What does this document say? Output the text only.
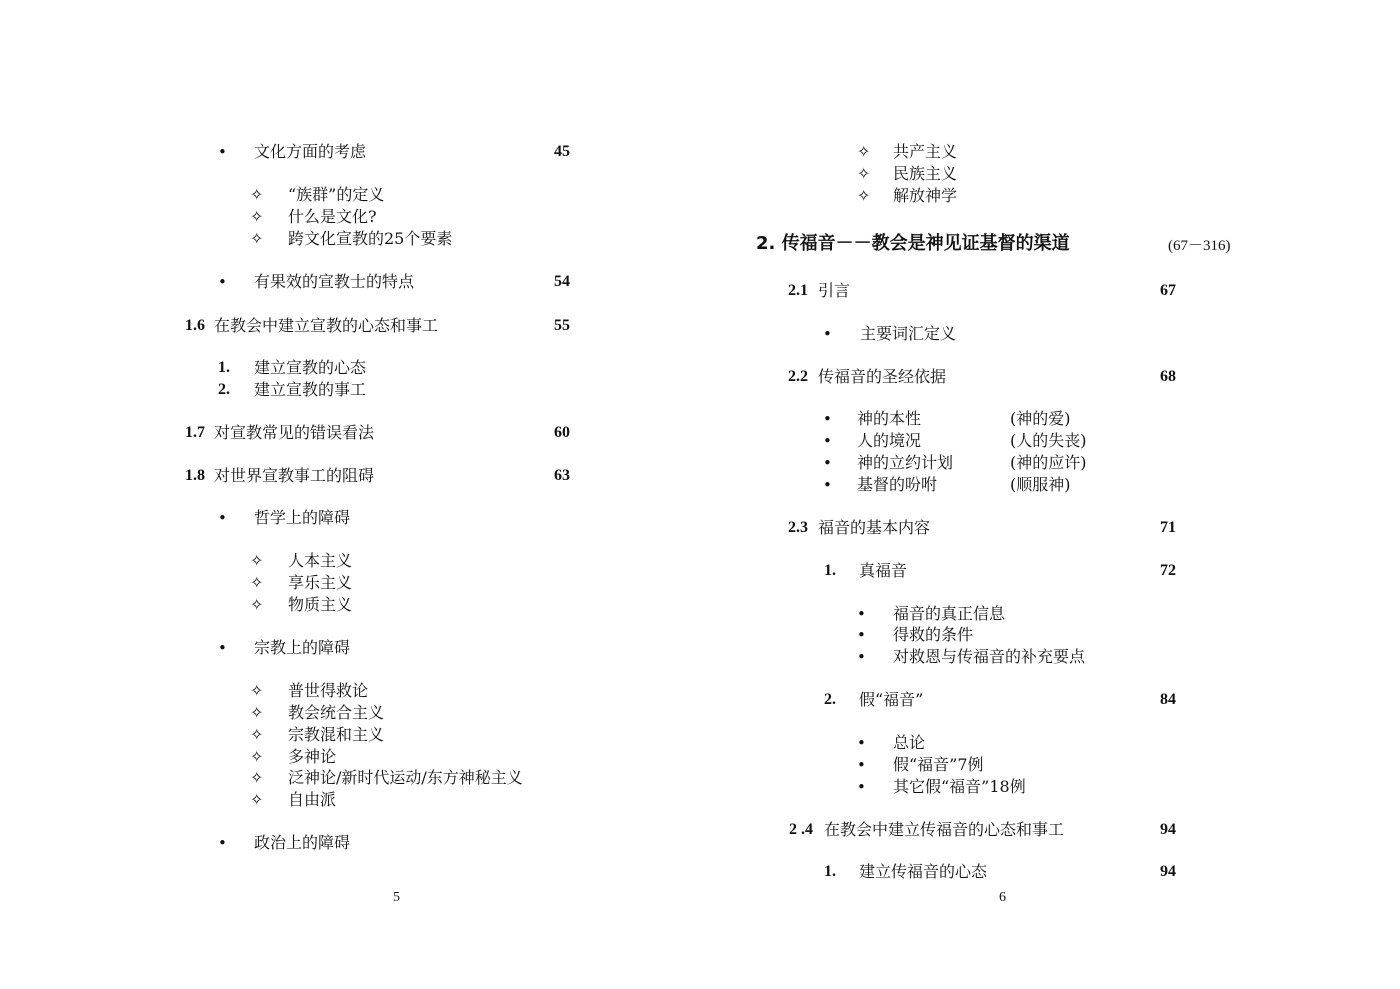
• 文化方面的考虑	45
✧ “族群”的定义
✧ 什么是文化?
✧ 跨文化宣教的25个要素
• 有果效的宣教士的特点	54
1.6 在教会中建立宣教的心态和事工	55
1. 建立宣教的心态
2. 建立宣教的事工
1.7 对宣教常见的错误看法	60
1.8 对世界宣教事工的阻碍	63
• 哲学上的障碍
✧ 人本主义
✧ 享乐主义
✧ 物质主义
• 宗教上的障碍
✧ 普世得救论
✧ 教会统合主义
✧ 宗教混和主义
✧ 多神论
✧ 泛神论/新时代运动/东方神秘主义
✧ 自由派
• 政治上的障碍
5
✧ 共产主义
✧ 民族主义
✧ 解放神学
2. 传福音－－教会是神见证基督的渠道	(67－316)
2.1 引言	67
• 主要词汇定义
2.2 传福音的圣经依据	68
• 神的本性	(神的爱)
• 人的境况	(人的失丧)
• 神的立约计划	(神的应许)
• 基督的吩咐	(顺服神)
2.3 福音的基本内容	71
1. 真福音	72
• 福音的真正信息
• 得救的条件
• 对救恩与传福音的补充要点
2. 假“福音”	84
• 总论
• 假“福音”7例
• 其它假“福音”18例
2 .4 在教会中建立传福音的心态和事工	94
1. 建立传福音的心态	94
6
